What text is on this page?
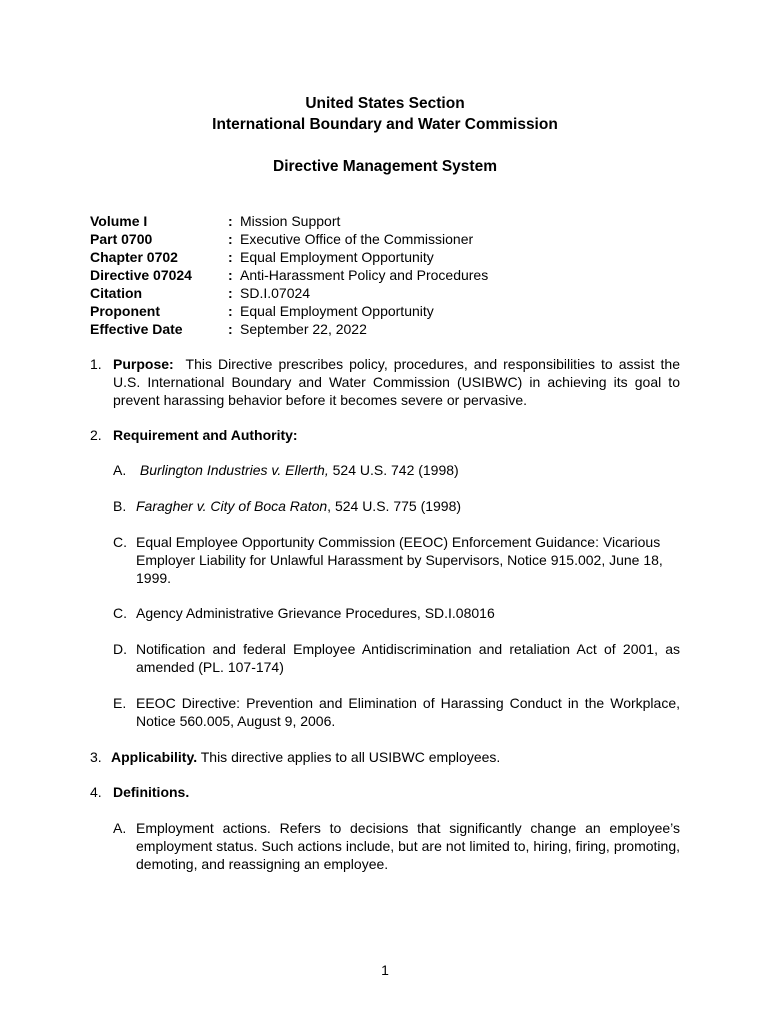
United States Section
International Boundary and Water Commission
Directive Management System
Volume I	: Mission Support
Part 0700	: Executive Office of the Commissioner
Chapter 0702	: Equal Employment Opportunity
Directive 07024	: Anti-Harassment Policy and Procedures
Citation	: SD.I.07024
Proponent	: Equal Employment Opportunity
Effective Date	: September 22, 2022
1. Purpose: This Directive prescribes policy, procedures, and responsibilities to assist the U.S. International Boundary and Water Commission (USIBWC) in achieving its goal to prevent harassing behavior before it becomes severe or pervasive.
2. Requirement and Authority:
A. Burlington Industries v. Ellerth, 524 U.S. 742 (1998)
B. Faragher v. City of Boca Raton, 524 U.S. 775 (1998)
C. Equal Employee Opportunity Commission (EEOC) Enforcement Guidance: Vicarious Employer Liability for Unlawful Harassment by Supervisors, Notice 915.002, June 18, 1999.
C. Agency Administrative Grievance Procedures, SD.I.08016
D. Notification and federal Employee Antidiscrimination and retaliation Act of 2001, as amended (PL. 107-174)
E. EEOC Directive: Prevention and Elimination of Harassing Conduct in the Workplace, Notice 560.005, August 9, 2006.
3. Applicability. This directive applies to all USIBWC employees.
4. Definitions.
A. Employment actions. Refers to decisions that significantly change an employee’s employment status. Such actions include, but are not limited to, hiring, firing, promoting, demoting, and reassigning an employee.
1
